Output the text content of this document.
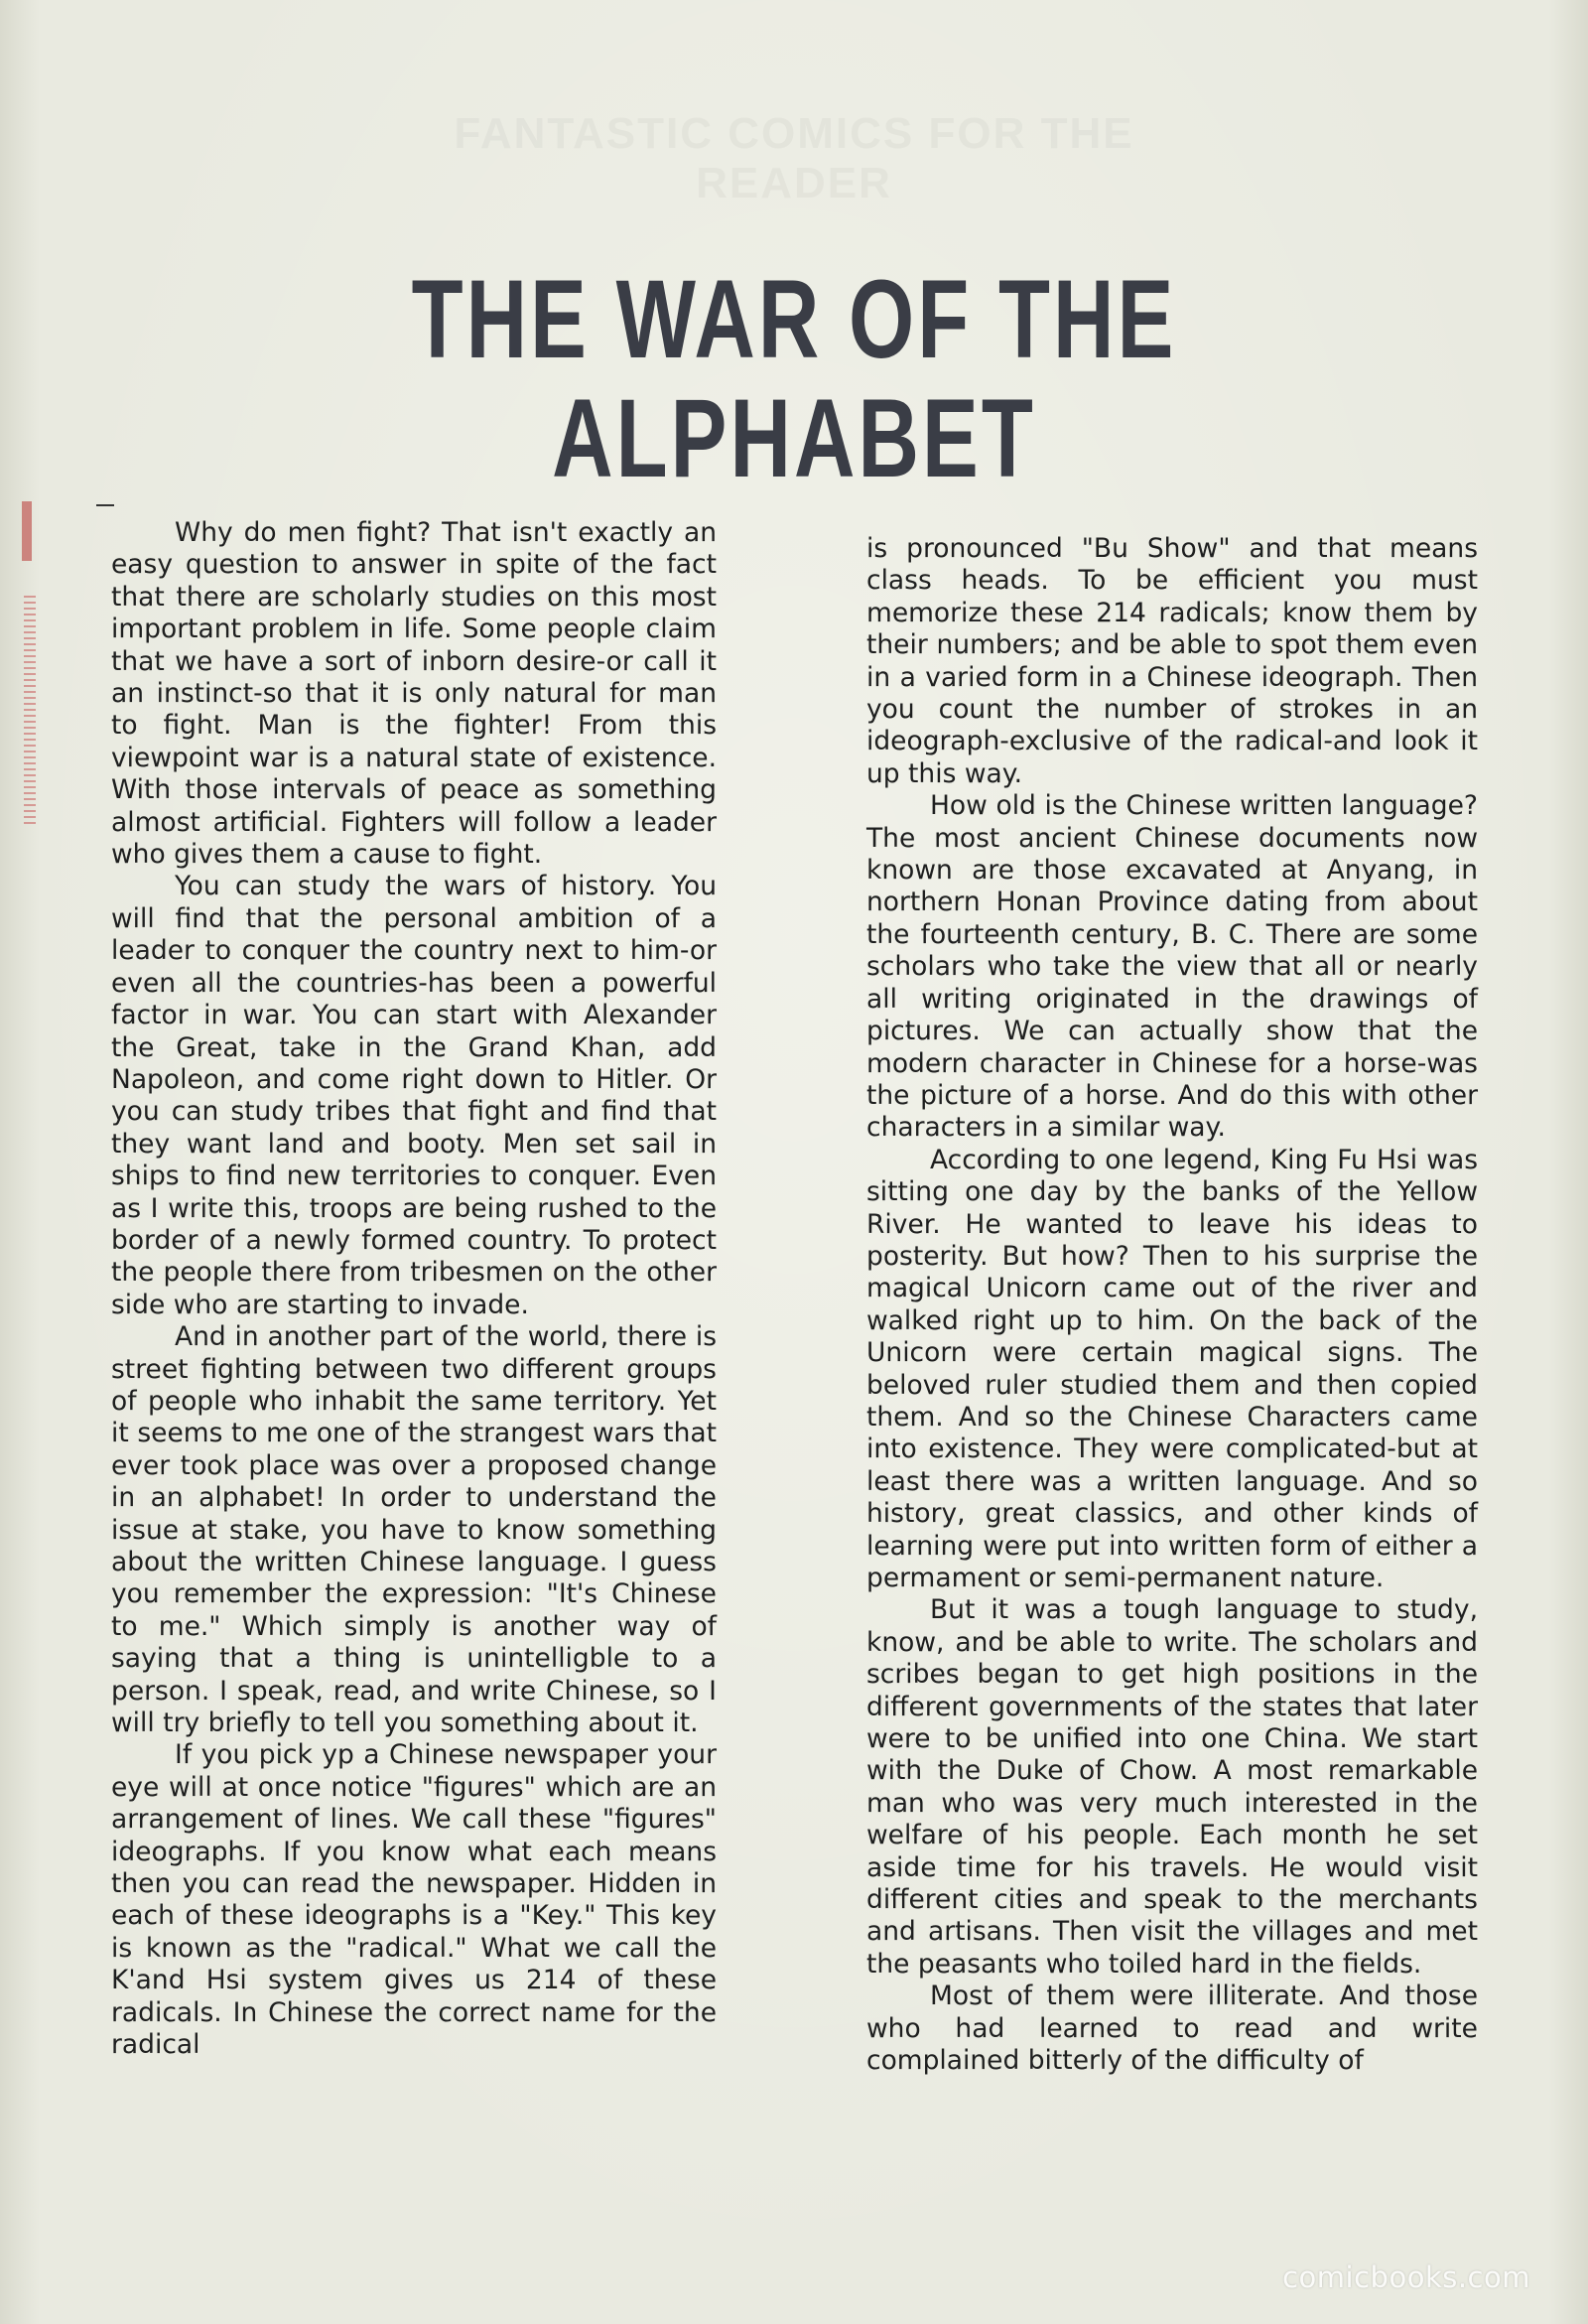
FANTASTIC COMICS FOR THE READER
THE WAR OF THE ALPHABET

Why do men fight? That isn't exactly an easy question to answer in spite of the fact that there are scholarly studies on this most important problem in life. Some people claim that we have a sort of inborn desire-or call it an instinct-so that it is only natural for man to fight. Man is the fighter! From this viewpoint war is a natural state of existence. With those intervals of peace as something almost artificial. Fighters will follow a leader who gives them a cause to fight.

You can study the wars of history. You will find that the personal ambition of a leader to conquer the country next to him-or even all the countries-has been a powerful factor in war. You can start with Alexander the Great, take in the Grand Khan, add Napoleon, and come right down to Hitler. Or you can study tribes that fight and find that they want land and booty. Men set sail in ships to find new territories to conquer. Even as I write this, troops are being rushed to the border of a newly formed country. To protect the people there from tribesmen on the other side who are starting to invade.

And in another part of the world, there is street fighting between two different groups of people who inhabit the same territory. Yet it seems to me one of the strangest wars that ever took place was over a proposed change in an alphabet! In order to understand the issue at stake, you have to know something about the written Chinese language. I guess you remember the expression: "It's Chinese to me." Which simply is another way of saying that a thing is unintelligble to a person. I speak, read, and write Chinese, so I will try briefly to tell you something about it.

If you pick yp a Chinese newspaper your eye will at once notice "figures" which are an arrangement of lines. We call these "figures" ideographs. If you know what each means then you can read the newspaper. Hidden in each of these ideographs is a "Key." This key is known as the "radical." What we call the K'and Hsi system gives us 214 of these radicals. In Chinese the correct name for the radical

is pronounced "Bu Show" and that means class heads. To be efficient you must memorize these 214 radicals; know them by their numbers; and be able to spot them even in a varied form in a Chinese ideograph. Then you count the number of strokes in an ideograph-exclusive of the radical-and look it up this way.

How old is the Chinese written language? The most ancient Chinese documents now known are those excavated at Anyang, in northern Honan Province dating from about the fourteenth century, B. C. There are some scholars who take the view that all or nearly all writing originated in the drawings of pictures. We can actually show that the modern character in Chinese for a horse-was the picture of a horse. And do this with other characters in a similar way.

According to one legend, King Fu Hsi was sitting one day by the banks of the Yellow River. He wanted to leave his ideas to posterity. But how? Then to his surprise the magical Unicorn came out of the river and walked right up to him. On the back of the Unicorn were certain magical signs. The beloved ruler studied them and then copied them. And so the Chinese Characters came into existence. They were complicated-but at least there was a written language. And so history, great classics, and other kinds of learning were put into written form of either a permament or semi-permanent nature.

But it was a tough language to study, know, and be able to write. The scholars and scribes began to get high positions in the different governments of the states that later were to be unified into one China. We start with the Duke of Chow. A most remarkable man who was very much interested in the welfare of his people. Each month he set aside time for his travels. He would visit different cities and speak to the merchants and artisans. Then visit the villages and met the peasants who toiled hard in the fields.

Most of them were illiterate. And those who had learned to read and write complained bitterly of the difficulty of

comicbooks.com
